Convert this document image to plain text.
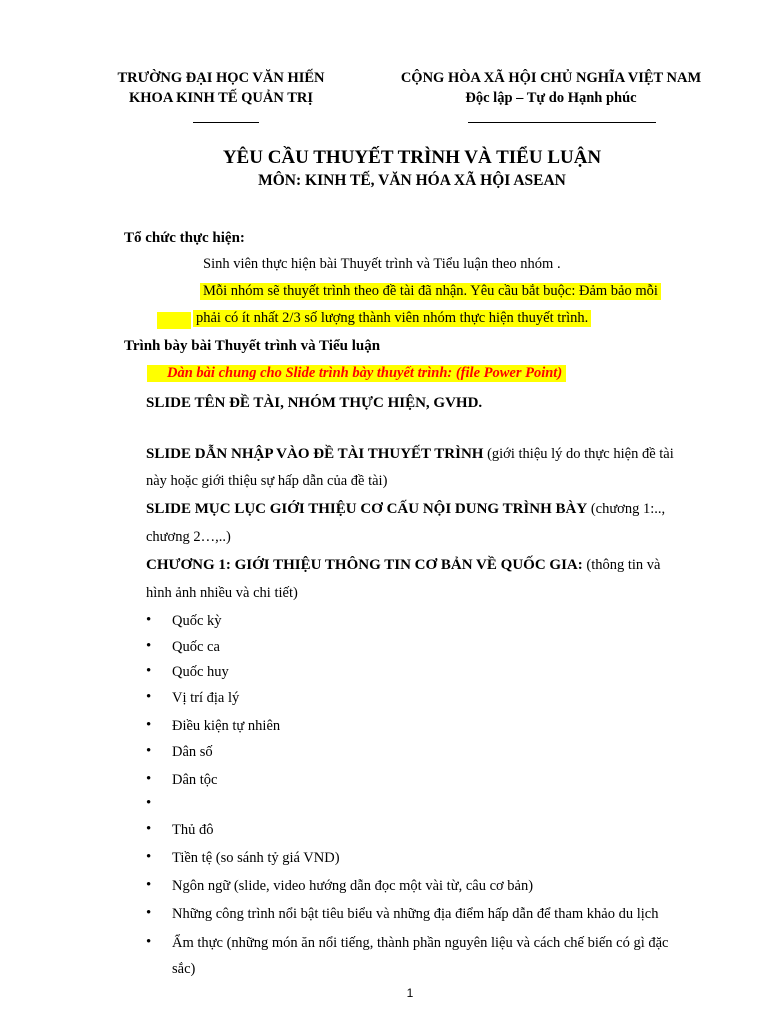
TRƯỜNG ĐẠI HỌC VĂN HIẾN
KHOA KINH TẾ QUẢN TRỊ
CỘNG HÒA XÃ HỘI CHỦ NGHĨA VIỆT NAM
Độc lập – Tự do Hạnh phúc
YÊU CẦU THUYẾT TRÌNH VÀ TIỂU LUẬN
MÔN: KINH TẾ, VĂN HÓA XÃ HỘI ASEAN
Tổ chức thực hiện:
Sinh viên thực hiện bài Thuyết trình và Tiểu luận theo nhóm .
Mỗi nhóm sẽ thuyết trình theo đề tài đã nhận. Yêu cầu bắt buộc: Đảm bảo mỗi
phải có ít nhất 2/3 số lượng thành viên nhóm thực hiện thuyết trình.
Trình bày bài Thuyết trình và Tiểu luận
Dàn bài chung cho Slide trình bày thuyết trình: (file Power Point)
SLIDE TÊN ĐỀ TÀI, NHÓM THỰC HIỆN, GVHD.
SLIDE DẪN NHẬP VÀO ĐỀ TÀI THUYẾT TRÌNH (giới thiệu lý do thực hiện đề tài
này hoặc giới thiệu sự hấp dẫn của đề tài)
SLIDE MỤC LỤC GIỚI THIỆU CƠ CẤU NỘI DUNG TRÌNH BÀY (chương 1:..,
chương 2…,..)
CHƯƠNG 1: GIỚI THIỆU THÔNG TIN CƠ BẢN VỀ QUỐC GIA: (thông tin và
hình ảnh nhiều và chi tiết)
• Quốc kỳ
• Quốc ca
• Quốc huy
• Vị trí địa lý
• Điều kiện tự nhiên
• Dân số
• Dân tộc
•
• Thủ đô
• Tiền tệ (so sánh tỷ giá VND)
• Ngôn ngữ (slide, video hướng dẫn đọc một vài từ, câu cơ bản)
• Những công trình nổi bật tiêu biểu và những địa điểm hấp dẫn để tham khảo du lịch
• Ẩm thực (những món ăn nổi tiếng, thành phần nguyên liệu và cách chế biến có gì đặc
sắc)
1
